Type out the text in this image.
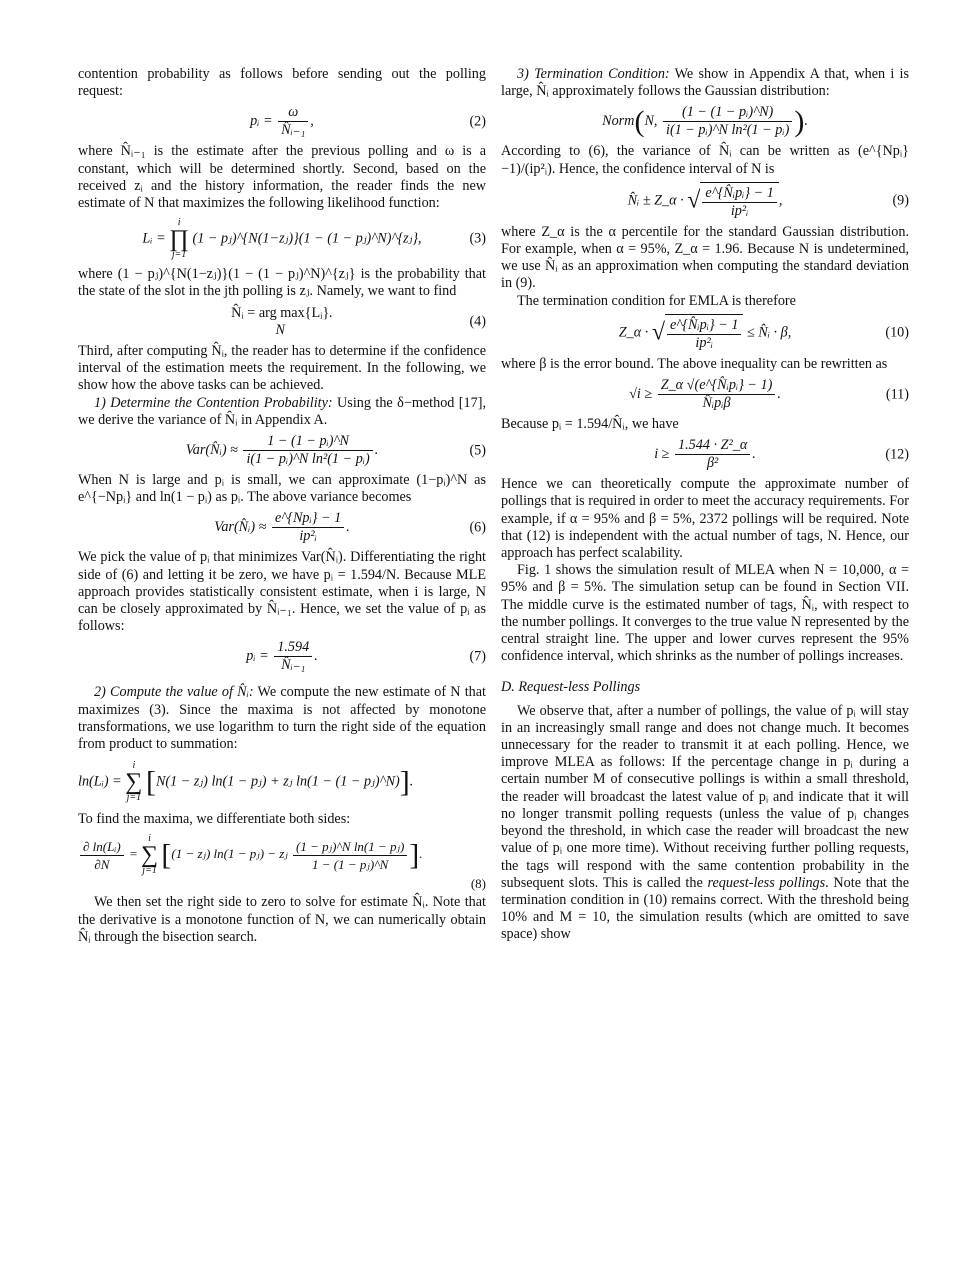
contention probability as follows before sending out the polling request:

pᵢ = $\frac{\omega}{\text{N̂ᵢ₋₁}}$ ,	(2)

where N̂ᵢ₋₁ is the estimate after the previous polling and ω is a constant, which will be determined shortly. Second, based on the received zᵢ and the history information, the reader finds the new estimate of N that maximizes the following likelihood function:

Lᵢ =
i
∏
j=1
(1 − pⱼ)^{N(1−zⱼ)}(1 − (1 − pⱼ)^N)^{zⱼ},	(3)

where (1 − pⱼ)^{N(1−zⱼ)}(1 − (1 − pⱼ)^N)^{zⱼ} is the probability that the state of the slot in the jth polling is zⱼ. Namely, we want to find

N̂ᵢ = arg max{Lᵢ}
N
.
(4)

Third, after computing N̂ᵢ, the reader has to determine if the confidence interval of the estimation meets the requirement. In the following, we show how the above tasks can be achieved.

1) Determine the Contention Probability: Using the δ−method [17], we derive the variance of N̂ᵢ in Appendix A.

Var(N̂ᵢ) ≈ $\frac{\text{1 − (1 − pᵢ)\textasciicircum{}N}}{\text{i(1 − pᵢ)\textasciicircum{}N ln²(1 − pᵢ)}}$ .	(5)

When N is large and pᵢ is small, we can approximate (1−pᵢ)^N as e^{−Npᵢ} and ln(1 − pᵢ) as pᵢ. The above variance becomes

Var(N̂ᵢ) ≈ $\frac{\text{e\textasciicircum{}\{Npᵢ\} − 1}}{\text{ip²ᵢ}}$ .	(6)

We pick the value of pᵢ that minimizes Var(N̂ᵢ). Differentiating the right side of (6) and letting it be zero, we have pᵢ = 1.594/N. Because MLE approach provides statistically consistent estimate, when i is large, N can be closely approximated by N̂ᵢ₋₁. Hence, we set the value of pᵢ as follows:

pᵢ = $\frac{1.594}{\text{N̂ᵢ₋₁}}$ .	(7)

2) Compute the value of N̂ᵢ: We compute the new estimate of N that maximizes (3). Since the maxima is not affected by monotone transformations, we use logarithm to turn the right side of the equation from product to summation:

ln(Lᵢ) =
i
∑
j=1 [N(1 − zⱼ) ln(1 − pⱼ) + zⱼ ln(1 − (1 − pⱼ)^N)].

To find the maxima, we differentiate both sides:

$\frac{\text{∂ ln(Lᵢ)}}{\partial N}$ =
i
∑
j=1 [(1 − zⱼ) ln(1 − pⱼ) − zⱼ $\frac{\text{(1 − pⱼ)\textasciicircum{}N ln(1 − pⱼ)}}{\text{1 − (1 − pⱼ)\textasciicircum{}N}}$ ].
(8)

We then set the right side to zero to solve for estimate N̂ᵢ. Note that the derivative is a monotone function of N, we can numerically obtain N̂ᵢ through the bisection search.

3) Termination Condition: We show in Appendix A that, when i is large, N̂ᵢ approximately follows the Gaussian distribution:

Norm(N, $\frac{\text{(1 − (1 − pᵢ)\textasciicircum{}N)}}{\text{i(1 − pᵢ)\textasciicircum{}N ln²(1 − pᵢ)}}$ ).

According to (6), the variance of N̂ᵢ can be written as (e^{Npᵢ}−1)/(ip²ᵢ). Hence, the confidence interval of N is

N̂ᵢ ± Z_α · √ $\frac{\text{e\textasciicircum{}\{N̂ᵢpᵢ\} − 1}}{\text{ip²ᵢ}}$ ,	(9)

where Z_α is the α percentile for the standard Gaussian distribution. For example, when α = 95%, Z_α = 1.96. Because N is undetermined, we use N̂ᵢ as an approximation when computing the standard deviation in (9).

The termination condition for EMLA is therefore

Z_α · √ $\frac{\text{e\textasciicircum{}\{N̂ᵢpᵢ\} − 1}}{\text{ip²ᵢ}}$ ≤ N̂ᵢ · β,	(10)

where β is the error bound. The above inequality can be rewritten as

$√i \ge \frac{\text{Z\_α √(e\textasciicircum{}\{N̂ᵢpᵢ\} − 1)}}{\text{N̂ᵢpᵢβ}}$ .	(11)

Because pᵢ = 1.594/N̂ᵢ, we have

$i \ge \frac{\text{1.544 · Z²\_α}}{\text{β²}}$ .	(12)

Hence we can theoretically compute the approximate number of pollings that is required in order to meet the accuracy requirements. For example, if α = 95% and β = 5%, 2372 pollings will be required. Note that (12) is independent with the actual number of tags, N. Hence, our approach has perfect scalability.

Fig. 1 shows the simulation result of MLEA when N = 10,000, α = 95% and β = 5%. The simulation setup can be found in Section VII. The middle curve is the estimated number of tags, N̂ᵢ, with respect to the number pollings. It converges to the true value N represented by the central straight line. The upper and lower curves represent the 95% confidence interval, which shrinks as the number of pollings increases.

D. Request-less Pollings

We observe that, after a number of pollings, the value of pᵢ will stay in an increasingly small range and does not change much. It becomes unnecessary for the reader to transmit it at each polling. Hence, we improve MLEA as follows: If the percentage change in pᵢ during a certain number M of consecutive pollings is within a small threshold, the reader will broadcast the latest value of pᵢ and indicate that it will no longer transmit polling requests (unless the value of pᵢ changes beyond the threshold, in which case the reader will broadcast the new value of pᵢ one more time). Without receiving further polling requests, the tags will respond with the same contention probability in the subsequent slots. This is called the request-less pollings. Note that the termination condition in (10) remains correct. With the threshold being 10% and M = 10, the simulation results (which are omitted to save space) show
